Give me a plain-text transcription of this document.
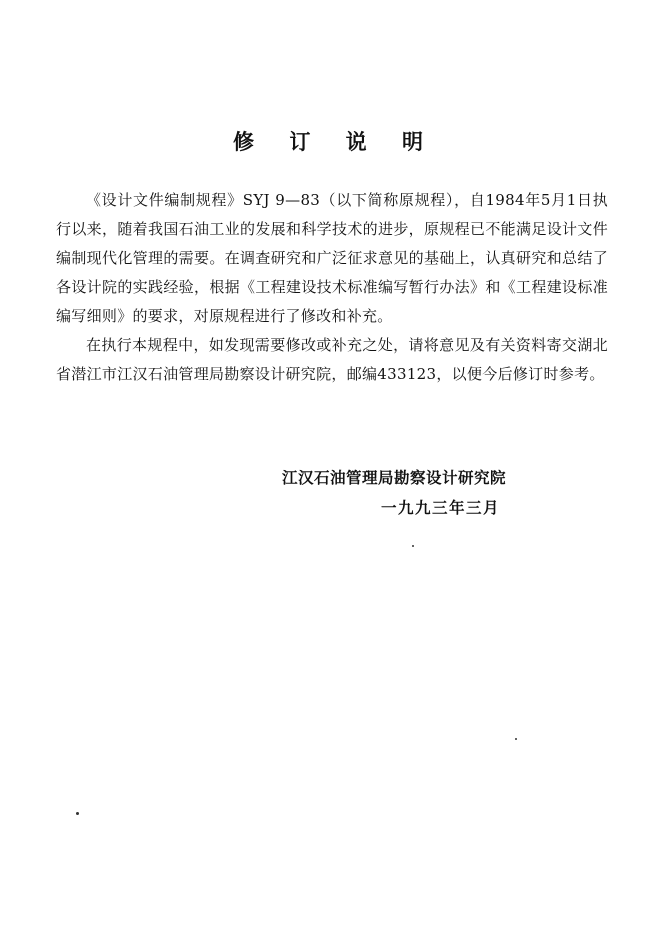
修 订 说 明

《设计文件编制规程》SYJ 9—83（以下简称原规程），自1984年5月1日执行以来，随着我国石油工业的发展和科学技术的进步，原规程已不能满足设计文件编制现代化管理的需要。在调查研究和广泛征求意见的基础上，认真研究和总结了各设计院的实践经验，根据《工程建设技术标准编写暂行办法》和《工程建设标准编写细则》的要求，对原规程进行了修改和补充。

在执行本规程中，如发现需要修改或补充之处，请将意见及有关资料寄交湖北省潜江市江汉石油管理局勘察设计研究院，邮编433123，以便今后修订时参考。

江汉石油管理局勘察设计研究院
一九九三年三月
